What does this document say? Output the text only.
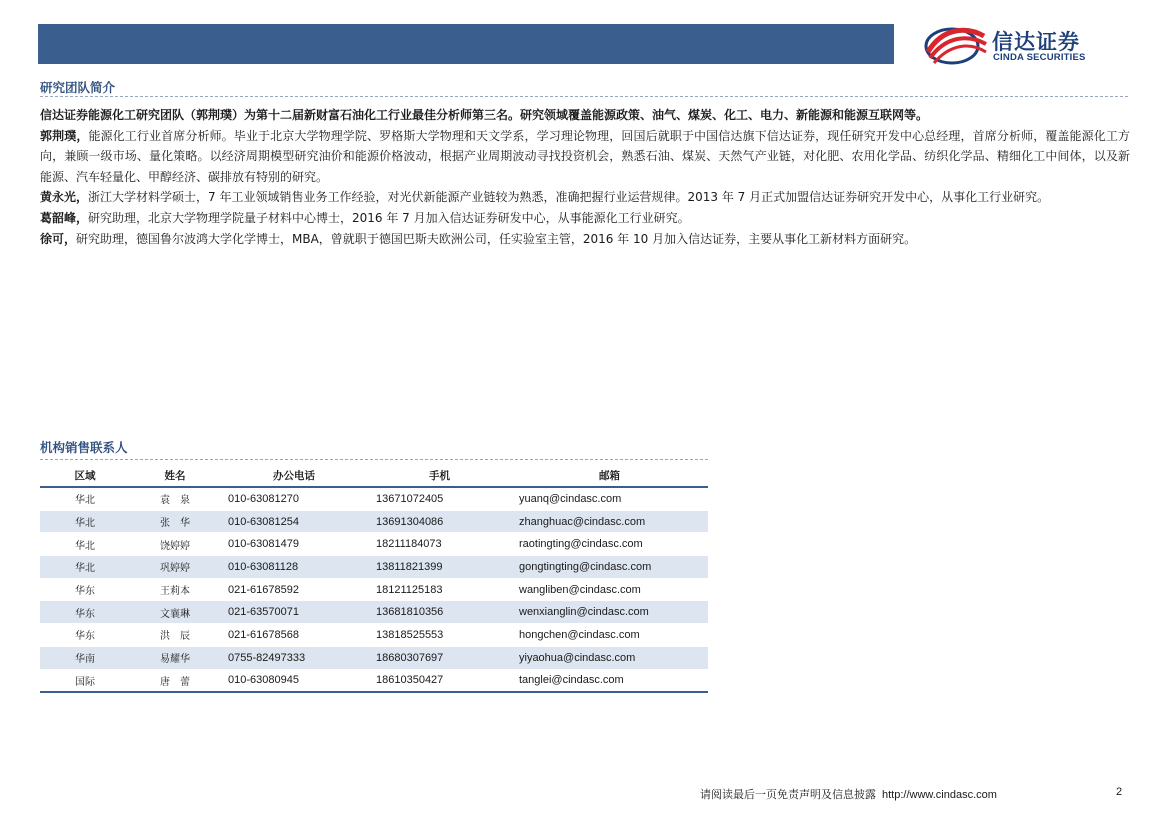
信达证券
CINDA SECURITIES
研究团队简介

信达证券能源化工研究团队（郭荆璞）为第十二届新财富石油化工行业最佳分析师第三名。研究领域覆盖能源政策、油气、煤炭、化工、电力、新能源和能源互联网等。

郭荆璞，能源化工行业首席分析师。毕业于北京大学物理学院、罗格斯大学物理和天文学系，学习理论物理，回国后就职于中国信达旗下信达证券，现任研究开发中心总经理，首席分析师，覆盖能源化工方向，兼顾一级市场、量化策略。以经济周期模型研究油价和能源价格波动，根据产业周期波动寻找投资机会，熟悉石油、煤炭、天然气产业链，对化肥、农用化学品、纺织化学品、精细化工中间体，以及新能源、汽车轻量化、甲醇经济、碳排放有特别的研究。

黄永光，浙江大学材料学硕士，7 年工业领域销售业务工作经验，对光伏新能源产业链较为熟悉，准确把握行业运营规律。2013 年 7 月正式加盟信达证券研究开发中心，从事化工行业研究。

葛韶峰，研究助理，北京大学物理学院量子材料中心博士，2016 年 7 月加入信达证券研发中心，从事能源化工行业研究。

徐可，研究助理，德国鲁尔波鸿大学化学博士，MBA，曾就职于德国巴斯夫欧洲公司，任实验室主管，2016 年 10 月加入信达证券，主要从事化工新材料方面研究。

机构销售联系人
区域	姓名	办公电话	手机	邮箱
华北	袁　泉	010-63081270	13671072405	yuanq@cindasc.com
华北	张　华	010-63081254	13691304086	zhanghuac@cindasc.com
华北	饶婷婷	010-63081479	18211184073	raotingting@cindasc.com
华北	巩婷婷	010-63081128	13811821399	gongtingting@cindasc.com
华东	王莉本	021-61678592	18121125183	wangliben@cindasc.com
华东	文襄琳	021-63570071	13681810356	wenxianglin@cindasc.com
华东	洪　辰	021-61678568	13818525553	hongchen@cindasc.com
华南	易耀华	0755-82497333	18680307697	yiyaohua@cindasc.com
国际	唐　蕾	010-63080945	18610350427	tanglei@cindasc.com
请阅读最后一页免责声明及信息披露 http://www.cindasc.com	2
